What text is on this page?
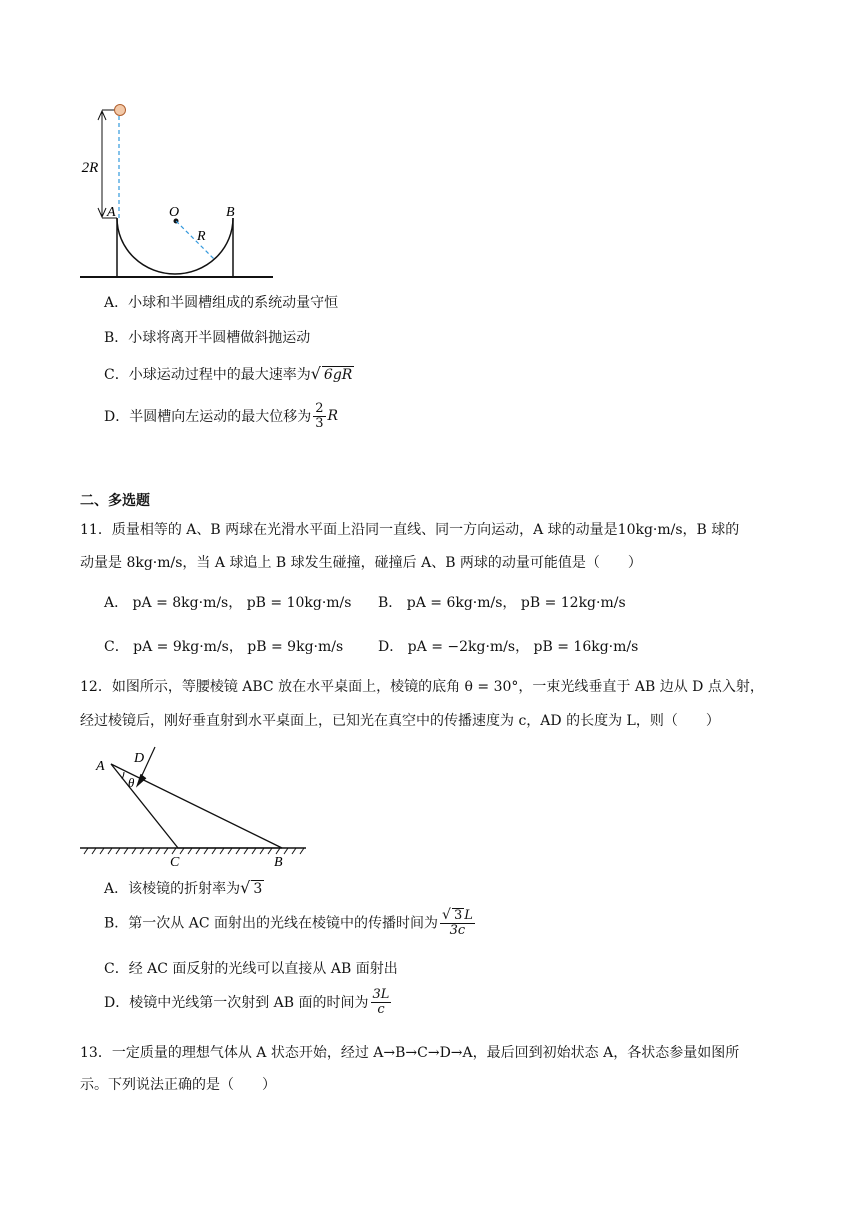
2R
A	O	B
R
A．小球和半圆槽组成的系统动量守恒
B．小球将离开半圆槽做斜抛运动
C．小球运动过程中的最大速率为√ 6gR
D．半圆槽向左运动的最大位移为 $\frac{2}{3}$ R
二、多选题
11．质量相等的 A、B 两球在光滑水平面上沿同一直线、同一方向运动，A 球的动量是10kg·m/s，B 球的
动量是 8kg·m/s，当 A 球追上 B 球发生碰撞，碰撞后 A、B 两球的动量可能值是（　　）
A． pA = 8kg·m/s， pB = 10kg·m/s B． pA = 6kg·m/s， pB = 12kg·m/s
C． pA = 9kg·m/s， pB = 9kg·m/s D． pA = −2kg·m/s， pB = 16kg·m/s
12．如图所示，等腰棱镜 ABC 放在水平桌面上，棱镜的底角 θ = 30°，一束光线垂直于 AB 边从 D 点入射，
经过棱镜后，刚好垂直射到水平桌面上，已知光在真空中的传播速度为 c，AD 的长度为 L，则（　　）
A
D
θ
C	B
A．该棱镜的折射率为√ 3
B．第一次从 AC 面射出的光线在棱镜中的传播时间为 $\frac{√ 3 L}{3c}$
C．经 AC 面反射的光线可以直接从 AB 面射出
D．棱镜中光线第一次射到 AB 面的时间为 $\frac{3L}{c}$
13．一定质量的理想气体从 A 状态开始，经过 A→B→C→D→A，最后回到初始状态 A，各状态参量如图所
示。下列说法正确的是（　　）
